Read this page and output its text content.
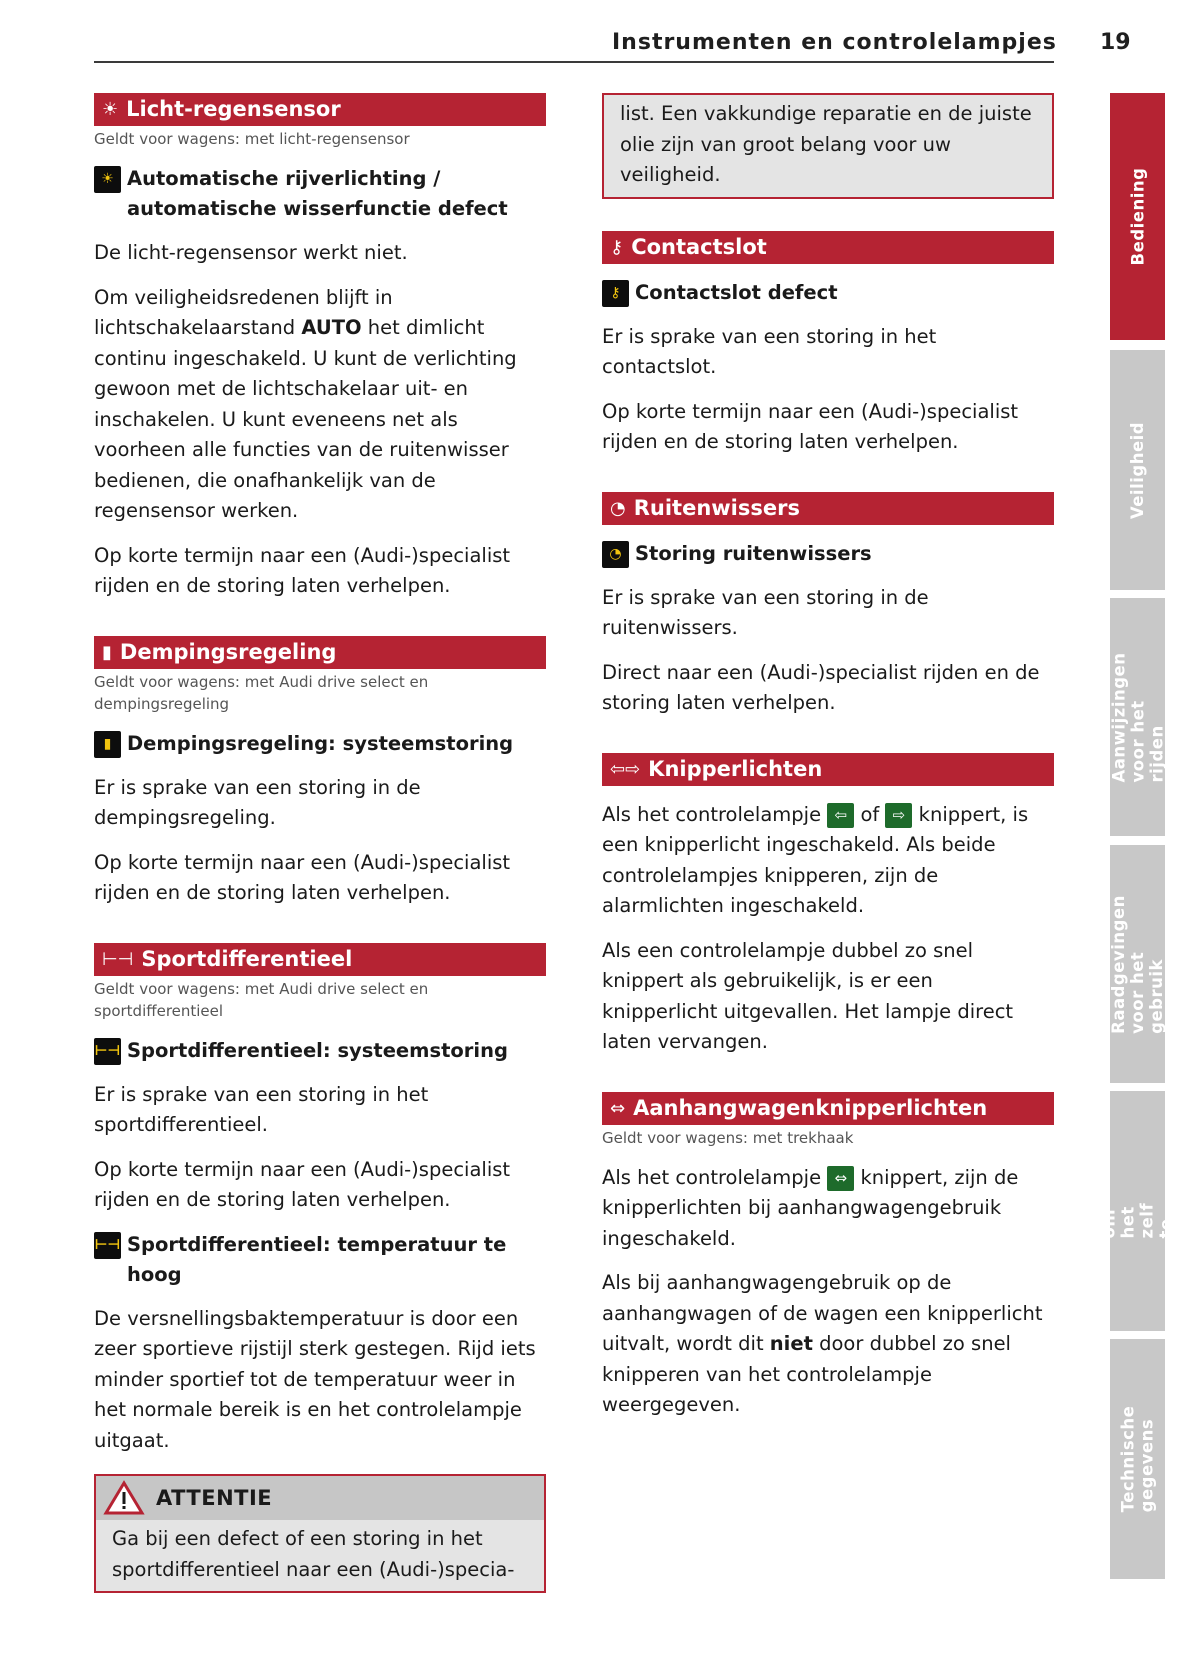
Instrumenten en controlelampjes 19
☀ Licht-regensensor
Geldt voor wagens: met licht-regensensor
☀ Automatische rijverlichting / automatische wisserfunctie defect

De licht-regensensor werkt niet.

Om veiligheidsredenen blijft in lichtschakelaarstand AUTO het dimlicht continu ingeschakeld. U kunt de verlichting gewoon met de lichtschakelaar uit- en inschakelen. U kunt eveneens net als voorheen alle functies van de ruitenwisser bedienen, die onafhankelijk van de regensensor werken.

Op korte termijn naar een (Audi-)specialist rijden en de storing laten verhelpen.

▮ Dempingsregeling
Geldt voor wagens: met Audi drive select en dempingsregeling
▮ Dempingsregeling: systeemstoring

Er is sprake van een storing in de dempingsregeling.

Op korte termijn naar een (Audi-)specialist rijden en de storing laten verhelpen.

⊢⊣ Sportdifferentieel
Geldt voor wagens: met Audi drive select en sportdifferentieel
⊢⊣ Sportdifferentieel: systeemstoring

Er is sprake van een storing in het sportdifferentieel.

Op korte termijn naar een (Audi-)specialist rijden en de storing laten verhelpen.

⊢⊣ Sportdifferentieel: temperatuur te hoog

De versnellingsbaktemperatuur is door een zeer sportieve rijstijl sterk gestegen. Rijd iets minder sportief tot de temperatuur weer in het normale bereik is en het controlelampje uitgaat.

ATTENTIE
Ga bij een defect of een storing in het sportdifferentieel naar een (Audi-)specia-
list. Een vakkundige reparatie en de juiste olie zijn van groot belang voor uw veiligheid.
⚷ Contactslot
⚷ Contactslot defect

Er is sprake van een storing in het contactslot.

Op korte termijn naar een (Audi-)specialist rijden en de storing laten verhelpen.

◔ Ruitenwissers
◔ Storing ruitenwissers

Er is sprake van een storing in de ruitenwissers.

Direct naar een (Audi-)specialist rijden en de storing laten verhelpen.

⇦⇨ Knipperlichten

Als het controlelampje ⇦ of ⇨ knippert, is een knipperlicht ingeschakeld. Als beide controlelampjes knipperen, zijn de alarmlichten ingeschakeld.

Als een controlelampje dubbel zo snel knippert als gebruikelijk, is er een knipperlicht uitgevallen. Het lampje direct laten vervangen.

⇔ Aanhangwagenknipperlichten
Geldt voor wagens: met trekhaak

Als het controlelampje ⇔ knippert, zijn de knipperlichten bij aanhangwagengebruik ingeschakeld.

Als bij aanhangwagengebruik op de aanhangwagen of de wagen een knipperlicht uitvalt, wordt dit niet door dubbel zo snel knipperen van het controlelampje weergegeven.

Bediening
Veiligheid
Aanwijzingen voor het rijden
Raadgevingen voor het gebruik
Tips om het zelf te doen
Technische gegevens
